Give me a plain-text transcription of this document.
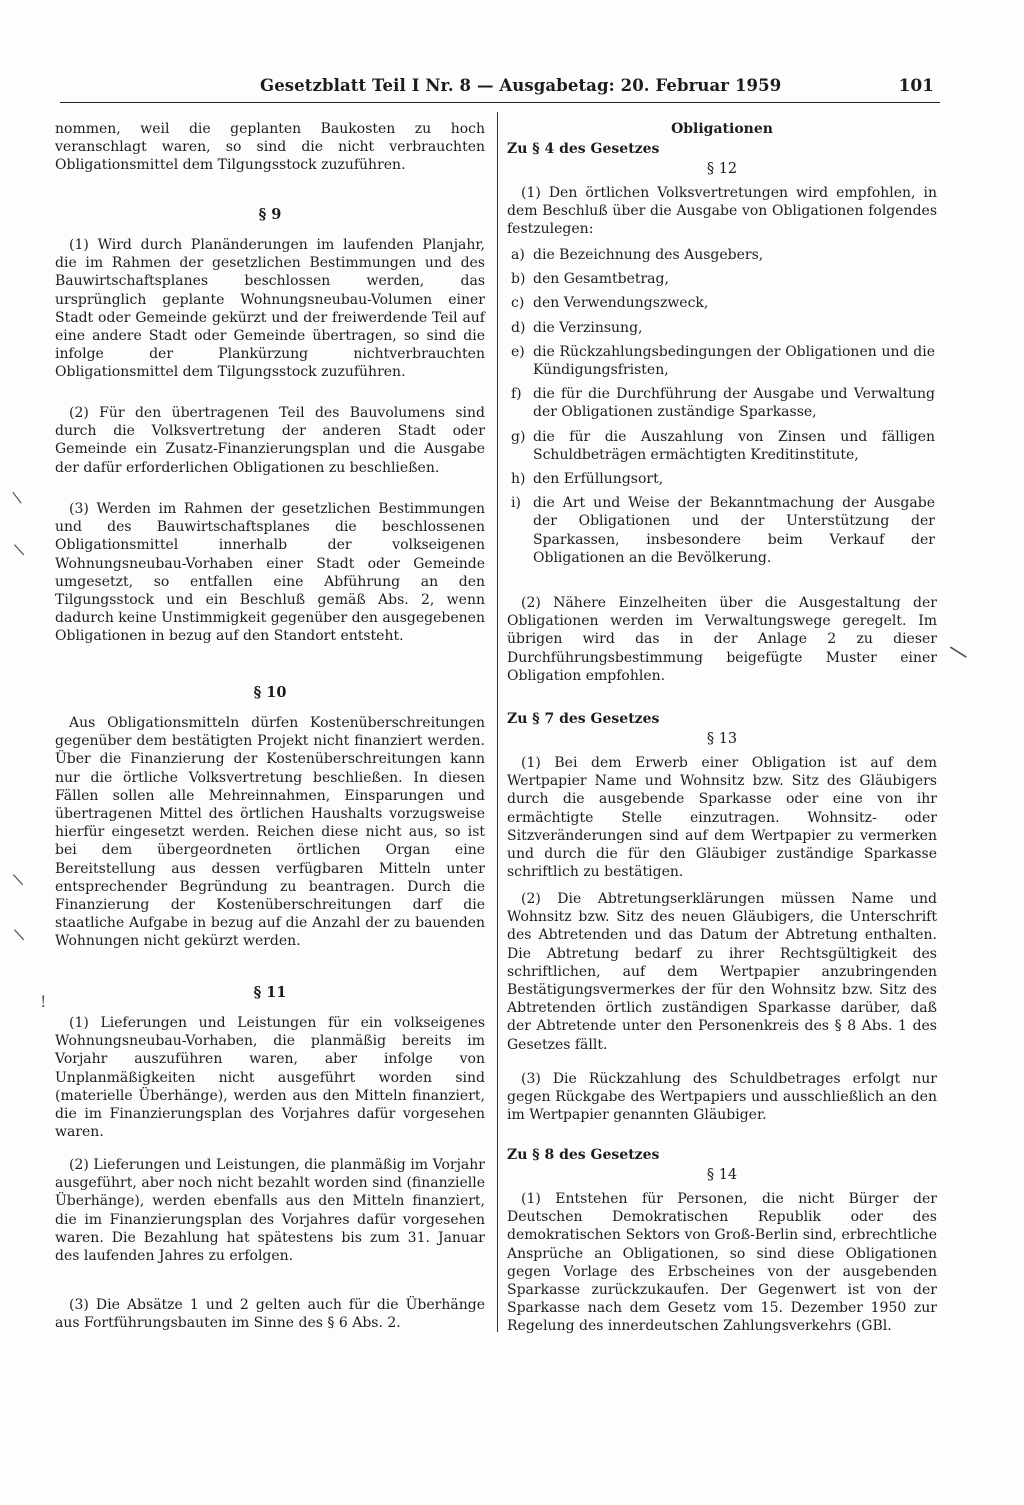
Gesetzblatt Teil I Nr. 8 — Ausgabetag: 20. Februar 1959	101
/
/
/
/
!
\

nommen, weil die geplanten Baukosten zu hoch veranschlagt waren, so sind die nicht verbrauchten Obligationsmittel dem Tilgungsstock zuzuführen.

§ 9

(1) Wird durch Planänderungen im laufenden Planjahr, die im Rahmen der gesetzlichen Bestimmungen und des Bauwirtschaftsplanes beschlossen werden, das ursprünglich geplante Wohnungsneubau-Volumen einer Stadt oder Gemeinde gekürzt und der freiwerdende Teil auf eine andere Stadt oder Gemeinde übertragen, so sind die infolge der Plankürzung nichtverbrauchten Obligationsmittel dem Tilgungsstock zuzuführen.

(2) Für den übertragenen Teil des Bauvolumens sind durch die Volksvertretung der anderen Stadt oder Gemeinde ein Zusatz-Finanzierungsplan und die Ausgabe der dafür erforderlichen Obligationen zu beschließen.

(3) Werden im Rahmen der gesetzlichen Bestimmungen und des Bauwirtschaftsplanes die beschlossenen Obligationsmittel innerhalb der volkseigenen Wohnungsneubau-Vorhaben einer Stadt oder Gemeinde umgesetzt, so entfallen eine Abführung an den Tilgungsstock und ein Beschluß gemäß Abs. 2, wenn dadurch keine Unstimmigkeit gegenüber den ausgegebenen Obligationen in bezug auf den Standort entsteht.

§ 10

Aus Obligationsmitteln dürfen Kostenüberschreitungen gegenüber dem bestätigten Projekt nicht finanziert werden. Über die Finanzierung der Kostenüberschreitungen kann nur die örtliche Volksvertretung beschließen. In diesen Fällen sollen alle Mehreinnahmen, Einsparungen und übertragenen Mittel des örtlichen Haushalts vorzugsweise hierfür eingesetzt werden. Reichen diese nicht aus, so ist bei dem übergeordneten örtlichen Organ eine Bereitstellung aus dessen verfügbaren Mitteln unter entsprechender Begründung zu beantragen. Durch die Finanzierung der Kostenüberschreitungen darf die staatliche Aufgabe in bezug auf die Anzahl der zu bauenden Wohnungen nicht gekürzt werden.

§ 11

(1) Lieferungen und Leistungen für ein volkseigenes Wohnungsneubau-Vorhaben, die planmäßig bereits im Vorjahr auszuführen waren, aber infolge von Unplanmäßigkeiten nicht ausgeführt worden sind (materielle Überhänge), werden aus den Mitteln finanziert, die im Finanzierungsplan des Vorjahres dafür vorgesehen waren.

(2) Lieferungen und Leistungen, die planmäßig im Vorjahr ausgeführt, aber noch nicht bezahlt worden sind (finanzielle Überhänge), werden ebenfalls aus den Mitteln finanziert, die im Finanzierungsplan des Vorjahres dafür vorgesehen waren. Die Bezahlung hat spätestens bis zum 31. Januar des laufenden Jahres zu erfolgen.

(3) Die Absätze 1 und 2 gelten auch für die Überhänge aus Fortführungsbauten im Sinne des § 6 Abs. 2.

Obligationen

Zu § 4 des Gesetzes

§ 12

(1) Den örtlichen Volksvertretungen wird empfohlen, in dem Beschluß über die Ausgabe von Obligationen folgendes festzulegen:

a) die Bezeichnung des Ausgebers,
b) den Gesamtbetrag,
c) den Verwendungszweck,
d) die Verzinsung,
e) die Rückzahlungsbedingungen der Obligationen und die Kündigungsfristen,
f) die für die Durchführung der Ausgabe und Verwaltung der Obligationen zuständige Sparkasse,
g) die für die Auszahlung von Zinsen und fälligen Schuldbeträgen ermächtigten Kreditinstitute,
h) den Erfüllungsort,
i) die Art und Weise der Bekanntmachung der Ausgabe der Obligationen und der Unterstützung der Sparkassen, insbesondere beim Verkauf der Obligationen an die Bevölkerung.

(2) Nähere Einzelheiten über die Ausgestaltung der Obligationen werden im Verwaltungswege geregelt. Im übrigen wird das in der Anlage 2 zu dieser Durchführungsbestimmung beigefügte Muster einer Obligation empfohlen.

Zu § 7 des Gesetzes

§ 13

(1) Bei dem Erwerb einer Obligation ist auf dem Wertpapier Name und Wohnsitz bzw. Sitz des Gläubigers durch die ausgebende Sparkasse oder eine von ihr ermächtigte Stelle einzutragen. Wohnsitz- oder Sitzveränderungen sind auf dem Wertpapier zu vermerken und durch die für den Gläubiger zuständige Sparkasse schriftlich zu bestätigen.

(2) Die Abtretungserklärungen müssen Name und Wohnsitz bzw. Sitz des neuen Gläubigers, die Unterschrift des Abtretenden und das Datum der Abtretung enthalten. Die Abtretung bedarf zu ihrer Rechtsgültigkeit des schriftlichen, auf dem Wertpapier anzubringenden Bestätigungsvermerkes der für den Wohnsitz bzw. Sitz des Abtretenden örtlich zuständigen Sparkasse darüber, daß der Abtretende unter den Personenkreis des § 8 Abs. 1 des Gesetzes fällt.

(3) Die Rückzahlung des Schuldbetrages erfolgt nur gegen Rückgabe des Wertpapiers und ausschließlich an den im Wertpapier genannten Gläubiger.

Zu § 8 des Gesetzes

§ 14

(1) Entstehen für Personen, die nicht Bürger der Deutschen Demokratischen Republik oder des demokratischen Sektors von Groß-Berlin sind, erbrechtliche Ansprüche an Obligationen, so sind diese Obligationen gegen Vorlage des Erbscheines von der ausgebenden Sparkasse zurückzukaufen. Der Gegenwert ist von der Sparkasse nach dem Gesetz vom 15. Dezember 1950 zur Regelung des innerdeutschen Zahlungsverkehrs (GBl.
